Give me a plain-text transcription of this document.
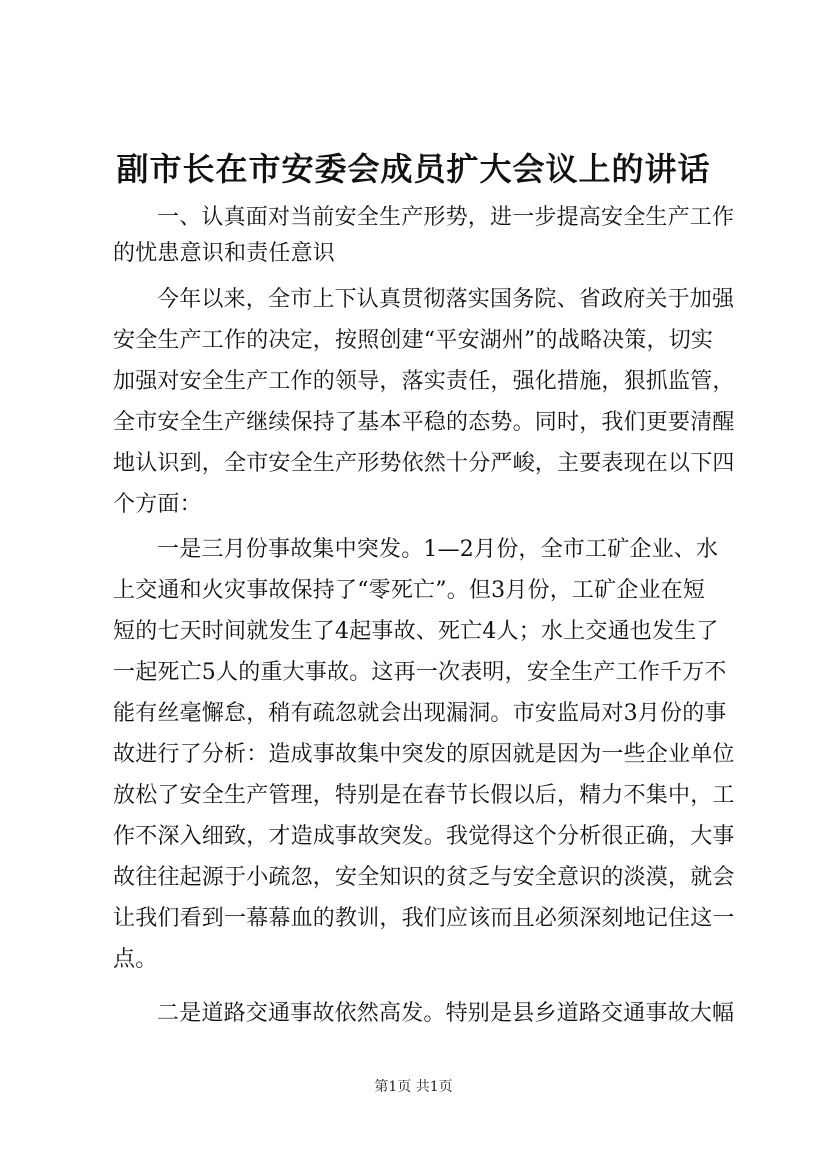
副市长在市安委会成员扩大会议上的讲话
一、认真面对当前安全生产形势，进一步提高安全生产工作
的忧患意识和责任意识
今年以来，全市上下认真贯彻落实国务院、省政府关于加强
安全生产工作的决定，按照创建“平安湖州”的战略决策，切实
加强对安全生产工作的领导，落实责任，强化措施，狠抓监管，
全市安全生产继续保持了基本平稳的态势。同时，我们更要清醒
地认识到，全市安全生产形势依然十分严峻，主要表现在以下四
个方面：
一是三月份事故集中突发。1—2月份，全市工矿企业、水
上交通和火灾事故保持了“零死亡”。但3月份，工矿企业在短
短的七天时间就发生了4起事故、死亡4人；水上交通也发生了
一起死亡5人的重大事故。这再一次表明，安全生产工作千万不
能有丝毫懈怠，稍有疏忽就会出现漏洞。市安监局对3月份的事
故进行了分析：造成事故集中突发的原因就是因为一些企业单位
放松了安全生产管理，特别是在春节长假以后，精力不集中，工
作不深入细致，才造成事故突发。我觉得这个分析很正确，大事
故往往起源于小疏忽，安全知识的贫乏与安全意识的淡漠，就会
让我们看到一幕幕血的教训，我们应该而且必须深刻地记住这一
点。
二是道路交通事故依然高发。特别是县乡道路交通事故大幅
第1页 共1页
